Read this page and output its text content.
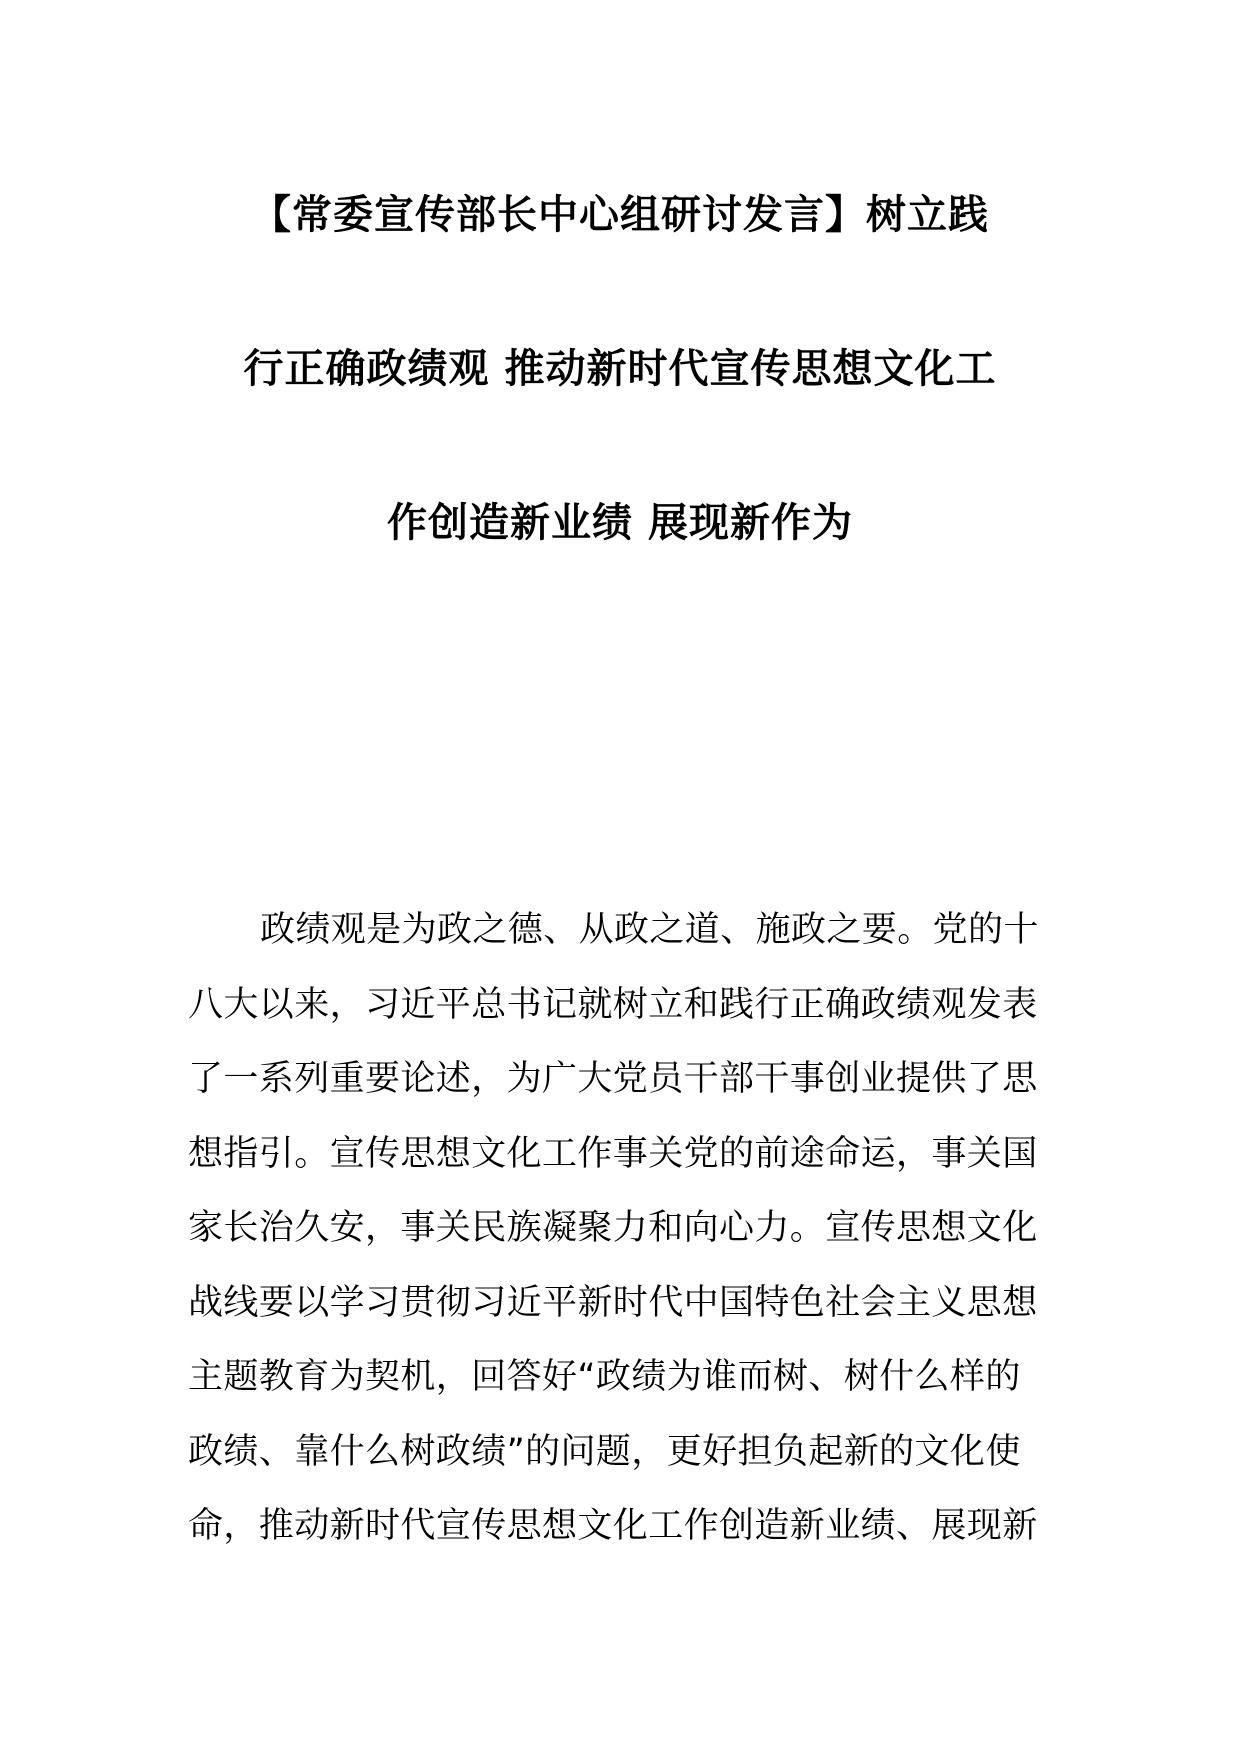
【常委宣传部长中心组研讨发言】树立践
行正确政绩观 推动新时代宣传思想文化工
作创造新业绩 展现新作为
政绩观是为政之德、从政之道、施政之要。党的十
八大以来，习近平总书记就树立和践行正确政绩观发表
了一系列重要论述，为广大党员干部干事创业提供了思
想指引。宣传思想文化工作事关党的前途命运，事关国
家长治久安，事关民族凝聚力和向心力。宣传思想文化
战线要以学习贯彻习近平新时代中国特色社会主义思想
主题教育为契机，回答好“政绩为谁而树、树什么样的
政绩、靠什么树政绩”的问题，更好担负起新的文化使
命，推动新时代宣传思想文化工作创造新业绩、展现新
